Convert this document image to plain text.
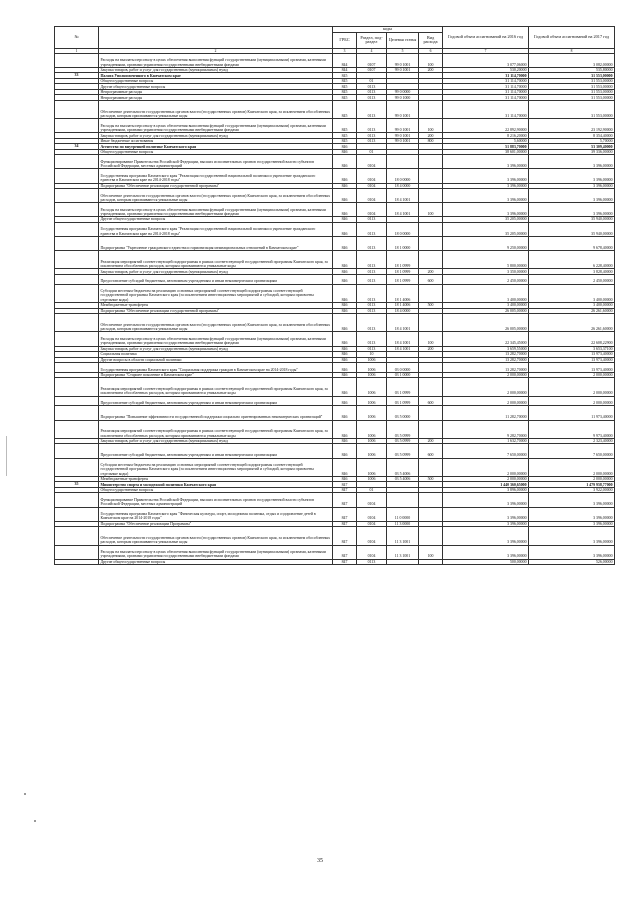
№	Наименование	коды				Годовой объем ассигнований на 2016 год	Годовой объем ассигнований на 2017 год
		ГРБС	Раздел, под-раздел	Целевая статья	Вид расхода		
1	2	3	4	5	6	7	8
	Расходы на выплаты персоналу в целях обеспечения выполнения функций государственными (муниципальными) органами, казенными учреждениями, органами управления государственными внебюджетными фондами	844	0107	99 0 1001	100	3 077,06000	3 082,00000
	Закупка товаров, работ и услуг для государственных (муниципальных) нужд	844	0107	99 0 1001	200	530,20000	535,80000
33	Палата Уполномоченного в Камчатском крае	845				31 114,70000	31 553,00000
	Общегосударственные вопросы	845	01			31 114,70000	31 553,00000
	Другие общегосударственные вопросы	845	0113			31 114,70000	31 553,00000
	Непрограммные расходы	845	0113	99 0 0000		31 114,70000	31 553,00000
	Непрограммные расходы	845	0113	99 0 1000		31 114,70000	31 553,00000
	Обеспечение деятельности государственных органов власти (государственных органов) Камчатского края, за исключением обособленных расходов, которым присваиваются уникальные коды	845	0113	99 0 1001		31 114,70000	31 553,00000
	Расходы на выплаты персоналу в целях обеспечения выполнения функций государственными (муниципальными) органами, казенными учреждениями, органами управления государственными внебюджетными фондами	845	0113	99 0 1001	100	22 892,90000	23 192,90000
	Закупка товаров, работ и услуг для государственных (муниципальных) нужд	845	0113	99 0 1001	200	8 216,20000	8 354,40000
	Иные бюджетные ассигнования	845	0113	99 0 1001	800	5,60000	5,70000
34	Агентство по внутренней политике Камчатского края	846				51 883,70000	53 309,40000
	Общегосударственные вопросы	846	01			38 601,00000	39 336,00000
	Функционирование Правительства Российской Федерации, высших исполнительных органов государственной власти субъектов Российской Федерации, местных администраций	846	0104			3 396,00000	3 396,00000
	Государственная программа Камчатского края "Реализация государственной национальной политики и укрепление гражданского единства в Камчатском крае на 2014-2018 годы"	846	0104	18 0 0000		3 396,00000	3 396,00000
	Подпрограмма "Обеспечение реализации государственной программы"	846	0104	18 4 0000		3 396,00000	3 396,00000
	Обеспечение деятельности государственных органов власти (государственных органов) Камчатского края, за исключением обособленных расходов, которым присваиваются уникальные коды	846	0104	18 4 1001		3 396,00000	3 396,00000
	Расходы на выплаты персоналу в целях обеспечения выполнения функций государственными (муниципальными) органами, казенными учреждениями, органами управления государственными внебюджетными фондами	846	0104	18 4 1001	100	3 396,00000	3 396,00000
	Другие общегосударственные вопросы	846	0113			35 205,00000	35 940,00000
	Государственная программа Камчатского края "Реализация государственной национальной политики и укрепление гражданского единства в Камчатском крае на 2014-2018 годы"	846	0113	18 0 0000		35 205,00000	35 940,00000
	Подпрограмма "Укрепление гражданского единства и гармонизация межнациональных отношений в Камчатском крае"	846	0113	18 1 0000		9 250,00000	9 678,40000
	Реализация мероприятий соответствующей подпрограммы в рамках соответствующей государственной программы Камчатского края, за исключением обособленных расходов, которым присваиваются уникальные коды	846	0113	18 1 0999		5 800,00000	6 228,40000
	Закупка товаров, работ и услуг для государственных (муниципальных) нужд	846	0113	18 1 0999	200	3 350,00000	3 828,40000
	Предоставление субсидий бюджетным, автономным учреждениям и иным некоммерческим организациям	846	0113	18 1 0999	600	2 450,00000	2 450,00000
	Субсидии местным бюджетам на реализацию основных мероприятий соответствующей подпрограммы соответствующей государственной программы Камчатского края (за исключением инвестиционных мероприятий и субсидий, которым присвоены отдельные коды)	846	0113	18 1 4006		3 400,00000	3 400,00000
	Межбюджетные трансферты	846	0113	18 1 4006	500	3 400,00000	3 400,00000
	Подпрограмма "Обеспечение реализации государственной программы"	846	0113	18 4 0000		26 005,00000	26 261,60000
	Обеспечение деятельности государственных органов власти (государственных органов) Камчатского края, за исключением обособленных расходов, которым присваиваются уникальные коды	846	0113	18 4 1001		26 005,00000	26 261,60000
	Расходы на выплаты персоналу в целях обеспечения выполнения функций государственными (муниципальными) органами, казенными учреждениями, органами управления государственными внебюджетными фондами	846	0113	18 4 1001	100	22 345,45000	22 608,22900
	Закупка товаров, работ и услуг для государственных (муниципальных) нужд	846	0113	18 4 1001	200	3 659,55000	3 653,37100
	Социальная политика	846	10			13 282,70000	13 973,40000
	Другие вопросы в области социальной политики	846	1006			13 282,70000	13 973,40000
	Государственная программа Камчатского края "Социальная поддержка граждан в Камчатском крае на 2014-2018 годы"	846	1006	03 0 0000		13 282,70000	13 973,40000
	Подпрограмма "Старшее поколение в Камчатском крае"	846	1006	03 1 0000		2 000,00000	2 000,00000
	Реализация мероприятий соответствующей подпрограммы в рамках соответствующей государственной программы Камчатского края, за исключением обособленных расходов, которым присваиваются уникальные коды	846	1006	03 1 0999		2 000,00000	2 000,00000
	Предоставление субсидий бюджетным, автономным учреждениям и иным некоммерческим организациям	846	1006	03 1 0999	600	2 000,00000	2 000,00000
	Подпрограмма "Повышение эффективности государственной поддержки социально ориентированных некоммерческих организаций"	846	1006	03 5 0000		11 282,70000	11 973,40000
	Реализация мероприятий соответствующей подпрограммы в рамках соответствующей государственной программы Камчатского края, за исключением обособленных расходов, которым присваиваются уникальные коды	846	1006	03 5 0999		9 282,70000	9 973,40000
	Закупка товаров, работ и услуг для государственных (муниципальных) нужд	846	1006	03 5 0999	200	1 632,70000	2 323,40000
	Предоставление субсидий бюджетным, автономным учреждениям и иным некоммерческим организациям	846	1006	03 5 0999	600	7 650,00000	7 650,00000
	Субсидии местным бюджетам на реализацию основных мероприятий соответствующей подпрограммы соответствующей государственной программы Камчатского края (за исключением инвестиционных мероприятий и субсидий, которым присвоены отдельные коды)	846	1006	03 5 4006		2 000,00000	2 000,00000
	Межбюджетные трансферты	846	1006	03 5 4006	500	2 000,00000	2 000,00000
35	Министерство спорта и молодежной политики Камчатского края	847				1 440 360,65000	1 479 958,77000
	Общегосударственные вопросы	847	01			3 896,00000	3 922,00000
	Функционирование Правительства Российской Федерации, высших исполнительных органов государственной власти субъектов Российской Федерации, местных администраций	847	0104			3 396,00000	3 396,00000
	Государственная программа Камчатского края "Физическая культура, спорт, молодежная политика, отдых и оздоровление детей в Камчатском крае на 2014-2018 годы"	847	0104	11 0 0000		3 396,00000	3 396,00000
	Подпрограмма "Обеспечение реализации Программы"	847	0104	11 3 0000		3 396,00000	3 396,00000
	Обеспечение деятельности государственных органов власти (государственных органов) Камчатского края, за исключением обособленных расходов, которым присваиваются уникальные коды	847	0104	11 3 1001		3 396,00000	3 396,00000
	Расходы на выплаты персоналу в целях обеспечения выполнения функций государственными (муниципальными) органами, казенными учреждениями, органами управления государственными внебюджетными фондами	847	0104	11 3 1001	100	3 396,00000	3 396,00000
	Другие общегосударственные вопросы	847	0113			500,00000	526,00000
35
